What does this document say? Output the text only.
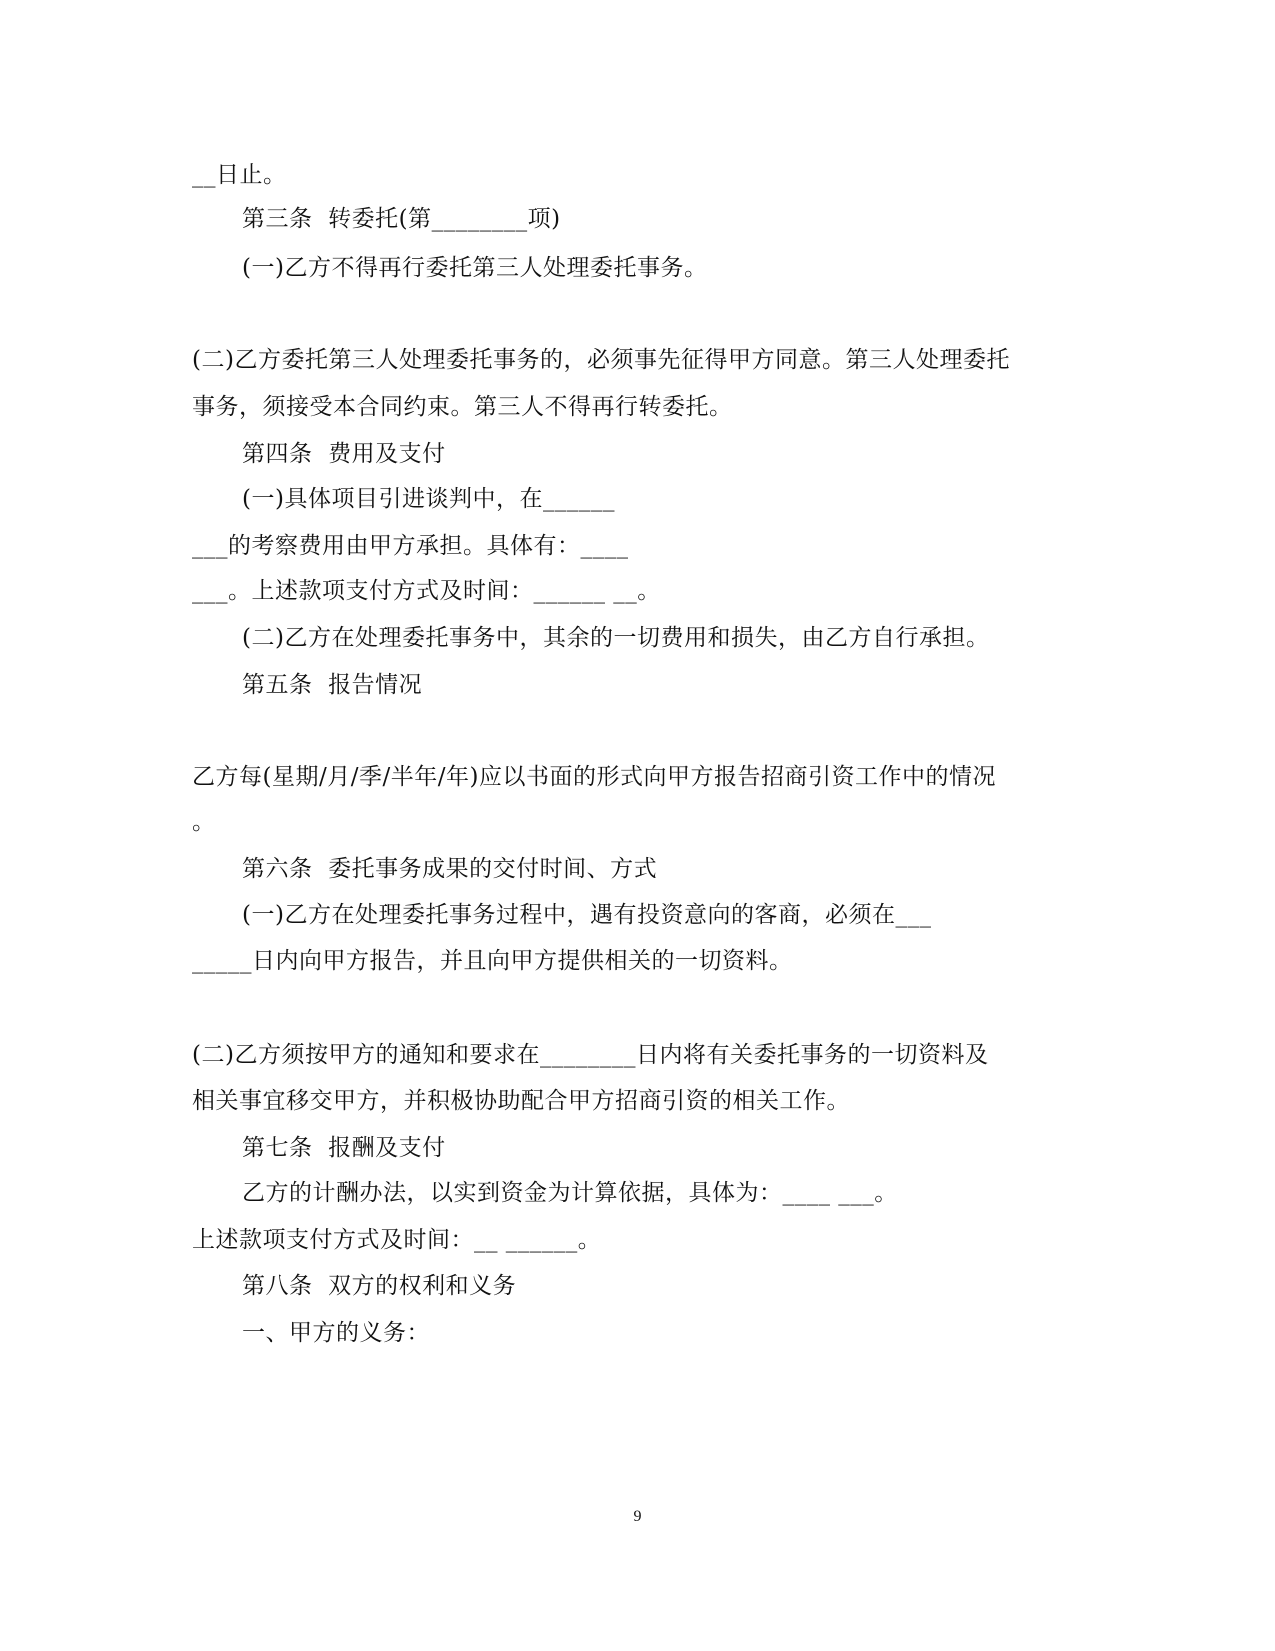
__日止。
第三条  转委托(第________项)
(一)乙方不得再行委托第三人处理委托事务。
(二)乙方委托第三人处理委托事务的，必须事先征得甲方同意。第三人处理委托
事务，须接受本合同约束。第三人不得再行转委托。
第四条  费用及支付
(一)具体项目引进谈判中，在______
___的考察费用由甲方承担。具体有：____
___。上述款项支付方式及时间：______ __。
(二)乙方在处理委托事务中，其余的一切费用和损失，由乙方自行承担。
第五条  报告情况
乙方每(星期/月/季/半年/年)应以书面的形式向甲方报告招商引资工作中的情况
。
第六条  委托事务成果的交付时间、方式
(一)乙方在处理委托事务过程中，遇有投资意向的客商，必须在___
_____日内向甲方报告，并且向甲方提供相关的一切资料。
(二)乙方须按甲方的通知和要求在________日内将有关委托事务的一切资料及
相关事宜移交甲方，并积极协助配合甲方招商引资的相关工作。
第七条  报酬及支付
乙方的计酬办法，以实到资金为计算依据，具体为：____ ___。
上述款项支付方式及时间：__ ______。
第八条  双方的权利和义务
一、甲方的义务：
9
